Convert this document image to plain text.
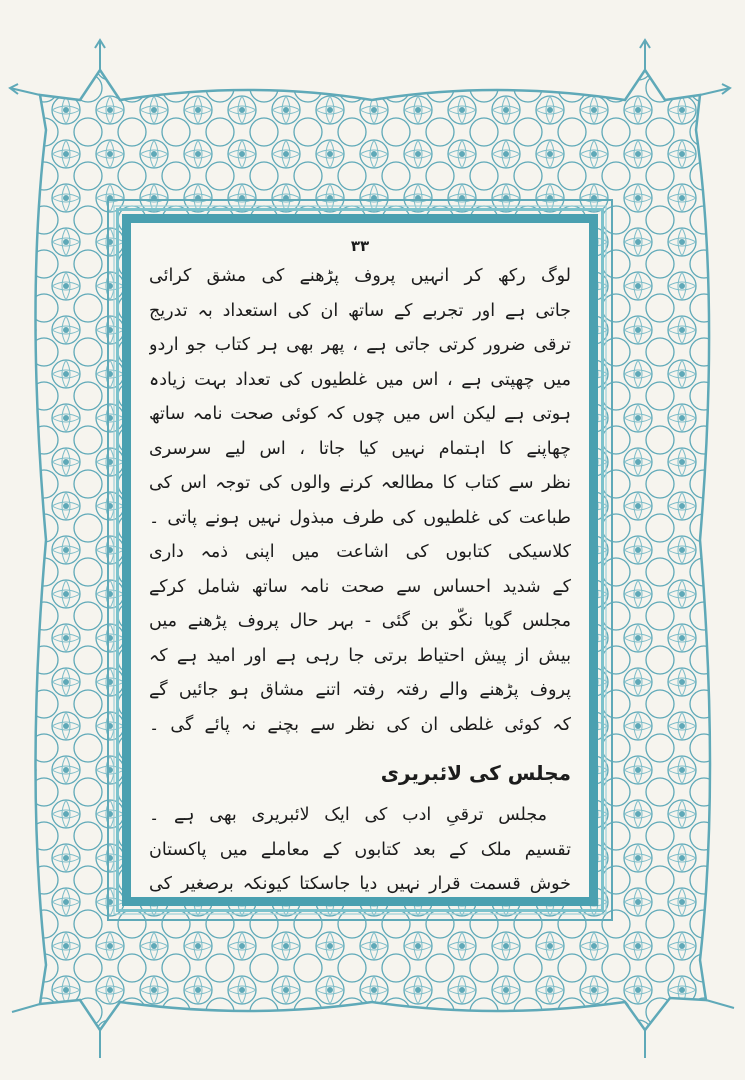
٣٣
لوگ رکھ کر انہیں پروف پڑھنے کی مشق کرائی
جاتی ہے اور تجربے کے ساتھ ان کی استعداد بہ تدریج
ترقی ضرور کرتی جاتی ہے ، پھر بھی ہر کتاب جو اردو
میں چھپتی ہے ، اس میں غلطیوں کی تعداد بہت زیادہ
ہوتی ہے لیکن اس میں چوں کہ کوئی صحت نامہ ساتھ
چھاپنے کا اہتمام نہیں کیا جاتا ، اس لیے سرسری
نظر سے کتاب کا مطالعہ کرنے والوں کی توجہ اس کی
طباعت کی غلطیوں کی طرف مبذول نہیں ہونے پاتی ۔
کلاسیکی کتابوں کی اشاعت میں اپنی ذمہ داری
کے شدید احساس سے صحت نامہ ساتھ شامل کرکے
مجلس گویا نکّو بن گئی - بہر حال پروف پڑھنے میں
بیش از پیش احتیاط برتی جا رہی ہے اور امید ہے کہ
پروف پڑھنے والے رفتہ رفتہ اتنے مشاق ہو جائیں گے
کہ کوئی غلطی ان کی نظر سے بچنے نہ پائے گی ۔
مجلس کی لائبریری
مجلس ترقیِ ادب کی ایک لائبریری بھی ہے ۔
تقسیم ملک کے بعد کتابوں کے معاملے میں پاکستان
خوش قسمت قرار نہیں دیا جاسکتا کیونکہ برصغیر کی
